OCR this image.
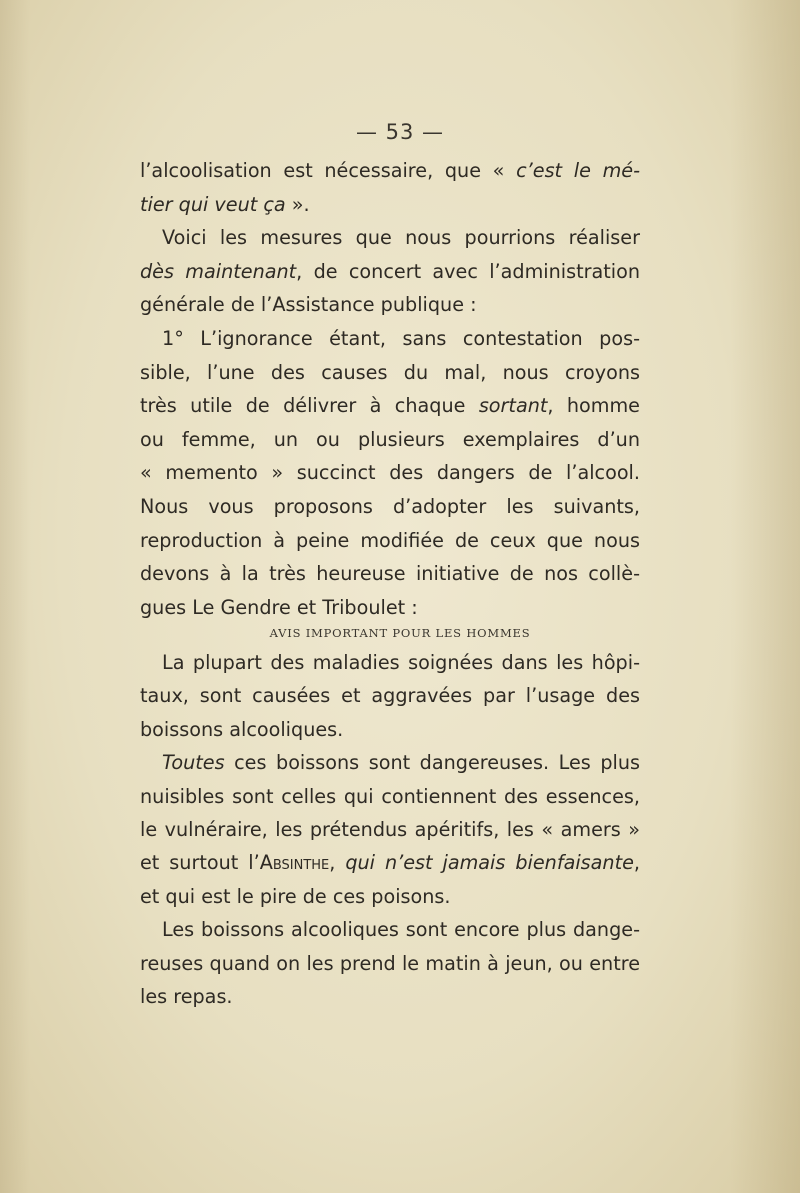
— 53 —
l’alcoolisation est nécessaire, que « c’est le mé-
tier qui veut ça ».
Voici les mesures que nous pourrions réaliser
dès maintenant, de concert avec l’administration
générale de l’Assistance publique :
1° L’ignorance étant, sans contestation pos-
sible, l’une des causes du mal, nous croyons
très utile de délivrer à chaque sortant, homme
ou femme, un ou plusieurs exemplaires d’un
« memento » succinct des dangers de l’alcool.
Nous vous proposons d’adopter les suivants,
reproduction à peine modifiée de ceux que nous
devons à la très heureuse initiative de nos collè-
gues Le Gendre et Triboulet :
AVIS IMPORTANT POUR LES HOMMES
La plupart des maladies soignées dans les hôpi-
taux, sont causées et aggravées par l’usage des
boissons alcooliques.
Toutes ces boissons sont dangereuses. Les plus
nuisibles sont celles qui contiennent des essences,
le vulnéraire, les prétendus apéritifs, les « amers »
et surtout l’Absinthe, qui n’est jamais bienfaisante,
et qui est le pire de ces poisons.
Les boissons alcooliques sont encore plus dange-
reuses quand on les prend le matin à jeun, ou entre
les repas.
